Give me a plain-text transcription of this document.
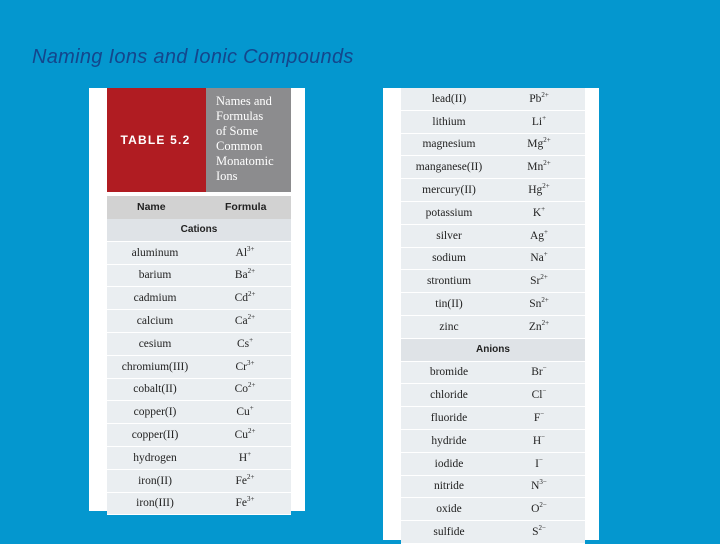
Naming Ions and Ionic Compounds
TABLE 5.2
Names and
Formulas
of Some
Common
Monatomic
Ions
Name	Formula
Cations
aluminum	$Al^{3+}$
barium	$Ba^{2+}$
cadmium	$Cd^{2+}$
calcium	$Ca^{2+}$
cesium	Cs+
chromium(III)	$Cr^{3+}$
cobalt(II)	$Co^{2+}$
copper(I)	Cu+
copper(II)	$Cu^{2+}$
hydrogen	H+
iron(II)	$Fe^{2+}$
iron(III)	$Fe^{3+}$
lead(II)	$Pb^{2+}$
lithium	Li+
magnesium	$Mg^{2+}$
manganese(II)	$Mn^{2+}$
mercury(II)	$Hg^{2+}$
potassium	K+
silver	Ag+
sodium	Na+
strontium	$Sr^{2+}$
tin(II)	$Sn^{2+}$
zinc	$Zn^{2+}$
Anions
bromide	Br−
chloride	Cl−
fluoride	F−
hydride	H−
iodide	I−
nitride	$N^{3-}$
oxide	$O^{2-}$
sulfide	$S^{2-}$
